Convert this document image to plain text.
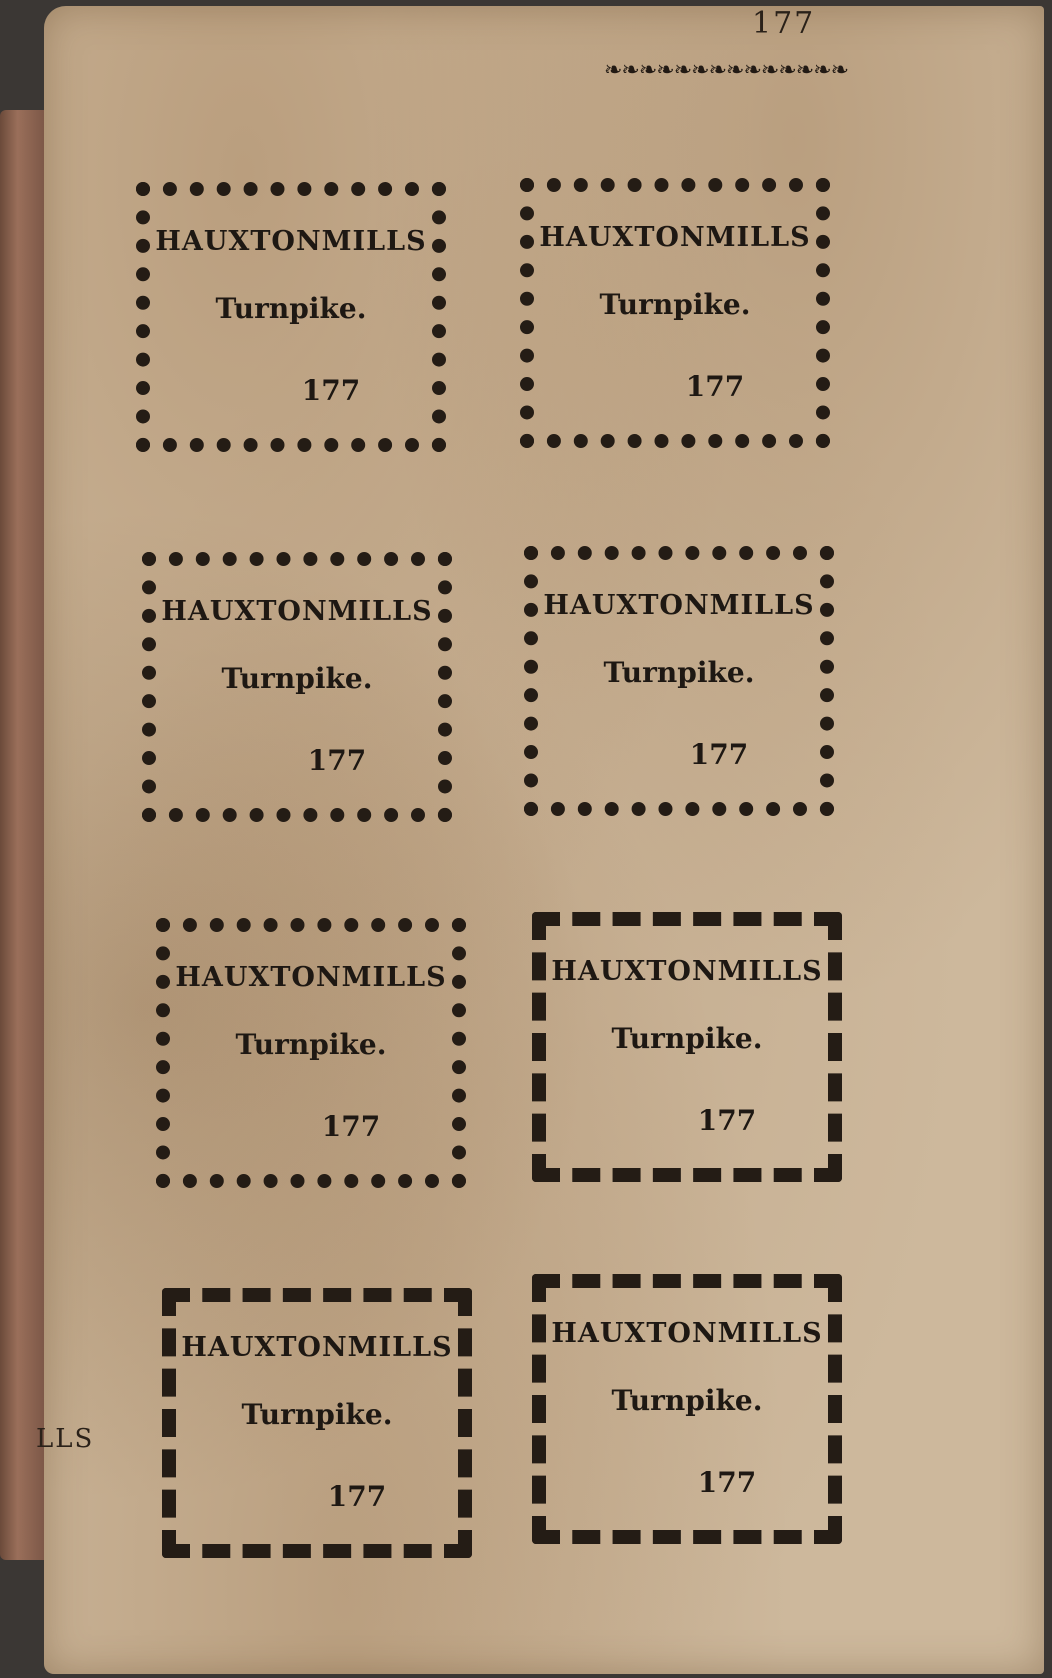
177
❧❧❧❧❧❧❧❧❧❧❧❧❧❧
LLS
HAUXTONMILLS
Turnpike.
177
HAUXTONMILLS
Turnpike.
177
HAUXTONMILLS
Turnpike.
177
HAUXTONMILLS
Turnpike.
177
HAUXTONMILLS
Turnpike.
177
HAUXTONMILLS
Turnpike.
177
HAUXTONMILLS
Turnpike.
177
HAUXTONMILLS
Turnpike.
177
